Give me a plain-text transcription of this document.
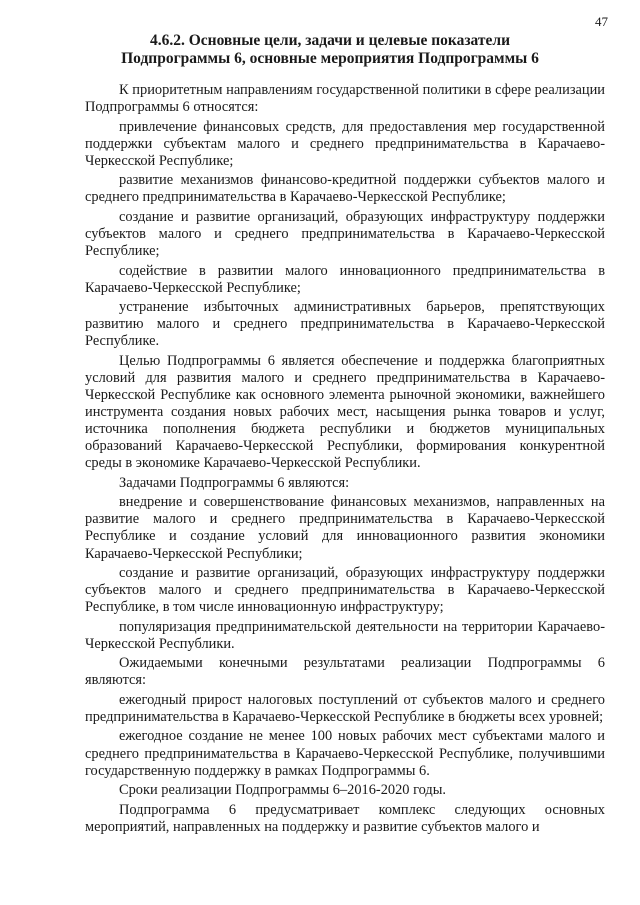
47
4.6.2. Основные цели, задачи и целевые показатели
Подпрограммы 6, основные мероприятия Подпрограммы 6

К приоритетным направлениям государственной политики в сфере реализации Подпрограммы 6 относятся:

привлечение финансовых средств, для предоставления мер государственной поддержки субъектам малого и среднего предпринимательства в Карачаево-Черкесской Республике;

развитие механизмов финансово-кредитной поддержки субъектов малого и среднего предпринимательства в Карачаево-Черкесской Республике;

создание и развитие организаций, образующих инфраструктуру поддержки субъектов малого и среднего предпринимательства в Карачаево-Черкесской Республике;

содействие в развитии малого инновационного предпринимательства в Карачаево-Черкесской Республике;

устранение избыточных административных барьеров, препятствующих развитию малого и среднего предпринимательства в Карачаево-Черкесской Республике.

Целью Подпрограммы 6 является обеспечение и поддержка благоприятных условий для развития малого и среднего предпринимательства в Карачаево-Черкесской Республике как основного элемента рыночной экономики, важнейшего инструмента создания новых рабочих мест, насыщения рынка товаров и услуг, источника пополнения бюджета республики и бюджетов муниципальных образований Карачаево-Черкесской Республики, формирования конкурентной среды в экономике Карачаево-Черкесской Республики.

Задачами Подпрограммы 6 являются:

внедрение и совершенствование финансовых механизмов, направленных на развитие малого и среднего предпринимательства в Карачаево-Черкесской Республике и создание условий для инновационного развития экономики Карачаево-Черкесской Республики;

создание и развитие организаций, образующих инфраструктуру поддержки субъектов малого и среднего предпринимательства в Карачаево-Черкесской Республике, в том числе инновационную инфраструктуру;

популяризация предпринимательской деятельности на территории Карачаево-Черкесской Республики.

Ожидаемыми конечными результатами реализации Подпрограммы 6 являются:

ежегодный прирост налоговых поступлений от субъектов малого и среднего предпринимательства в Карачаево-Черкесской Республике в бюджеты всех уровней;

ежегодное создание не менее 100 новых рабочих мест субъектами малого и среднего предпринимательства в Карачаево-Черкесской Республике, получившими государственную поддержку в рамках Подпрограммы 6.

Сроки реализации Подпрограммы 6–2016-2020 годы.

Подпрограмма 6 предусматривает комплекс следующих основных мероприятий, направленных на поддержку и развитие субъектов малого и
